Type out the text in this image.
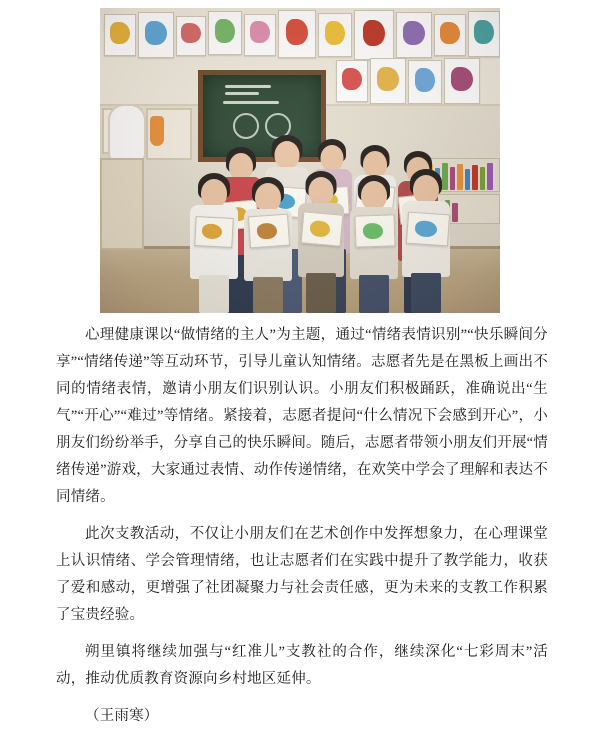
心理健康课以“做情绪的主人”为主题，通过“情绪表情识别”“快乐瞬间分享”“情绪传递”等互动环节，引导儿童认知情绪。志愿者先是在黑板上画出不同的情绪表情，邀请小朋友们识别认识。小朋友们积极踊跃，准确说出“生气”“开心”“难过”等情绪。紧接着，志愿者提问“什么情况下会感到开心”，小朋友们纷纷举手，分享自己的快乐瞬间。随后，志愿者带领小朋友们开展“情绪传递”游戏，大家通过表情、动作传递情绪，在欢笑中学会了理解和表达不同情绪。

此次支教活动，不仅让小朋友们在艺术创作中发挥想象力，在心理课堂上认识情绪、学会管理情绪，也让志愿者们在实践中提升了教学能力，收获了爱和感动，更增强了社团凝聚力与社会责任感，更为未来的支教工作积累了宝贵经验。

朔里镇将继续加强与“红准儿”支教社的合作，继续深化“七彩周末”活动，推动优质教育资源向乡村地区延伸。

（王雨寒）
